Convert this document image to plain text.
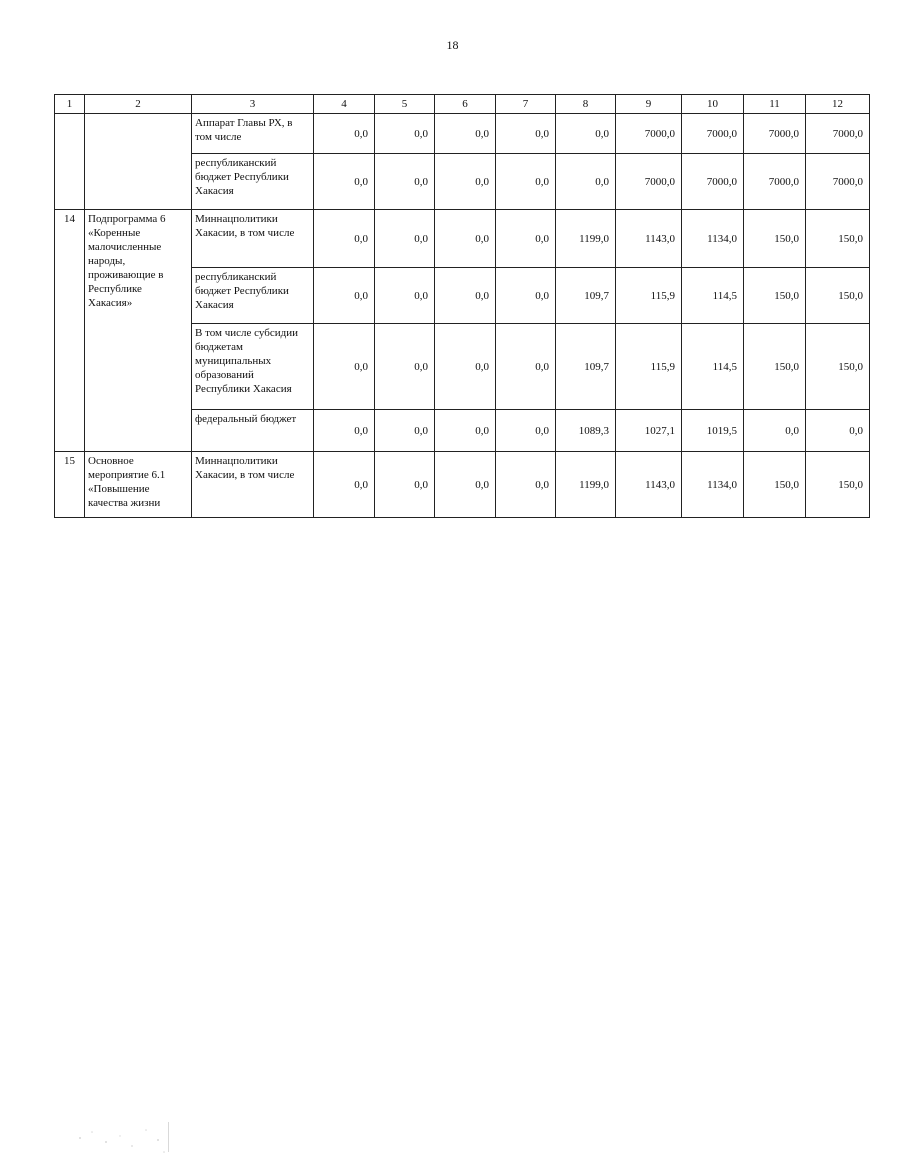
18
1	2	3	4	5	6	7	8	9	10	11	12
		Аппарат Главы РХ, в том числе	0,0	0,0	0,0	0,0	0,0	7000,0	7000,0	7000,0	7000,0
		республиканский бюджет Республики Хакасия	0,0	0,0	0,0	0,0	0,0	7000,0	7000,0	7000,0	7000,0
14	Подпрограмма 6 «Коренные малочисленные народы, проживающие в Республике Хакасия»	Миннацполитики Хакасии, в том числе	0,0	0,0	0,0	0,0	1199,0	1143,0	1134,0	150,0	150,0
		республиканский бюджет Республики Хакасия	0,0	0,0	0,0	0,0	109,7	115,9	114,5	150,0	150,0
		В том числе субсидии бюджетам муниципальных образований Республики Хакасия	0,0	0,0	0,0	0,0	109,7	115,9	114,5	150,0	150,0
		федеральный бюджет	0,0	0,0	0,0	0,0	1089,3	1027,1	1019,5	0,0	0,0
15	Основное мероприятие 6.1 «Повышение качества жизни	Миннацполитики Хакасии, в том числе	0,0	0,0	0,0	0,0	1199,0	1143,0	1134,0	150,0	150,0
